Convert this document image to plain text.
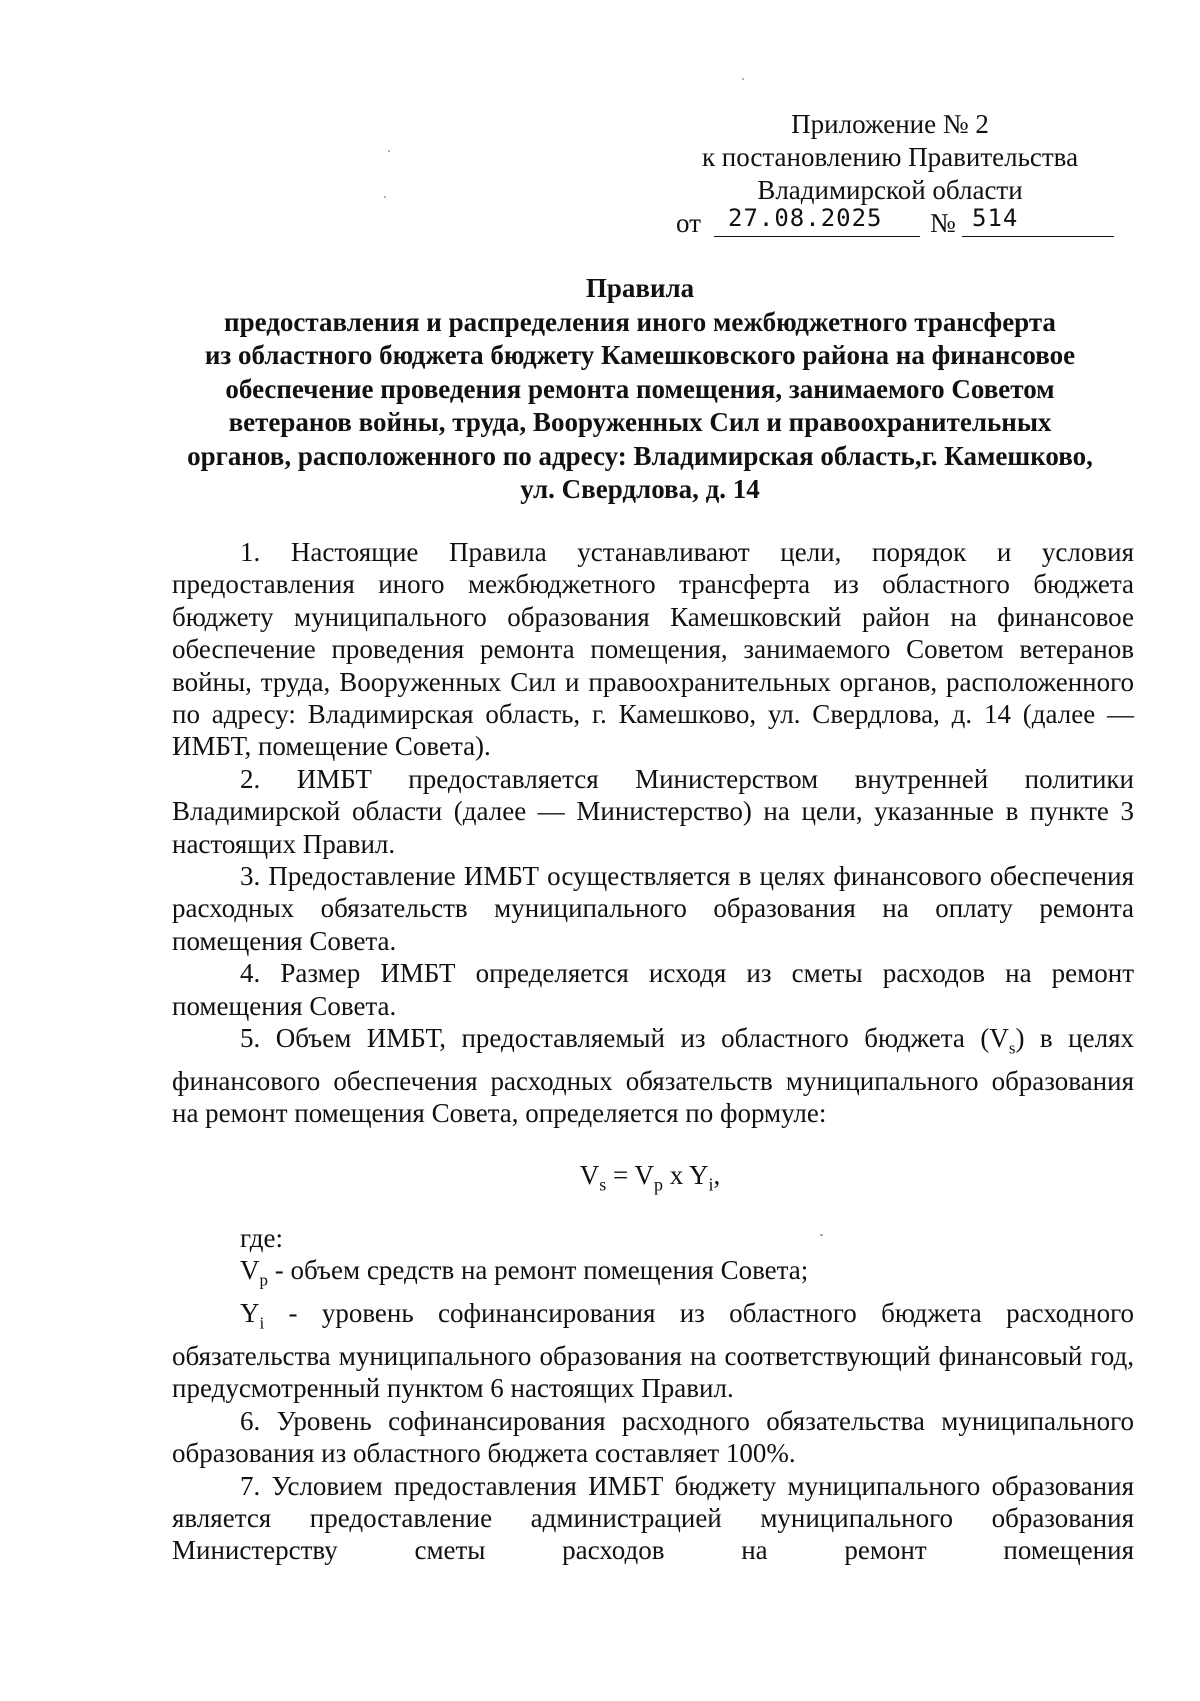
Приложение № 2
к постановлению Правительства
Владимирской области
от 27.08.2025 № 514
Правила
предоставления и распределения иного межбюджетного трансферта
из областного бюджета бюджету Камешковского района на финансовое
обеспечение проведения ремонта помещения, занимаемого Советом
ветеранов войны, труда, Вооруженных Сил и правоохранительных
органов, расположенного по адресу: Владимирская область,г. Камешково,
ул. Свердлова, д. 14

1. Настоящие Правила устанавливают цели, порядок и условия предоставления иного межбюджетного трансферта из областного бюджета бюджету муниципального образования Камешковский район на финансовое обеспечение проведения ремонта помещения, занимаемого Советом ветеранов войны, труда, Вооруженных Сил и правоохранительных органов, расположенного по адресу: Владимирская область, г. Камешково, ул. Свердлова, д. 14 (далее — ИМБТ, помещение Совета).

2. ИМБТ предоставляется Министерством внутренней политики Владимирской области (далее — Министерство) на цели, указанные в пункте 3 настоящих Правил.

3. Предоставление ИМБТ осуществляется в целях финансового обеспечения расходных обязательств муниципального образования на оплату ремонта помещения Совета.

4. Размер ИМБТ определяется исходя из сметы расходов на ремонт помещения Совета.

5. Объем ИМБТ, предоставляемый из областного бюджета $(V_s)$ в целях финансового обеспечения расходных обязательств муниципального образования на ремонт помещения Совета, определяется по формуле:

$V_s = V_p$ x $Y_i$,

где:

$V_p$ - объем средств на ремонт помещения Совета;

$Y_i$ - уровень софинансирования из областного бюджета расходного обязательства муниципального образования на соответствующий финансовый год, предусмотренный пунктом 6 настоящих Правил.

6. Уровень софинансирования расходного обязательства муниципального образования из областного бюджета составляет 100%.

7. Условием предоставления ИМБТ бюджету муниципального образования является предоставление администрацией муниципального образования Министерству сметы расходов на ремонт помещения
